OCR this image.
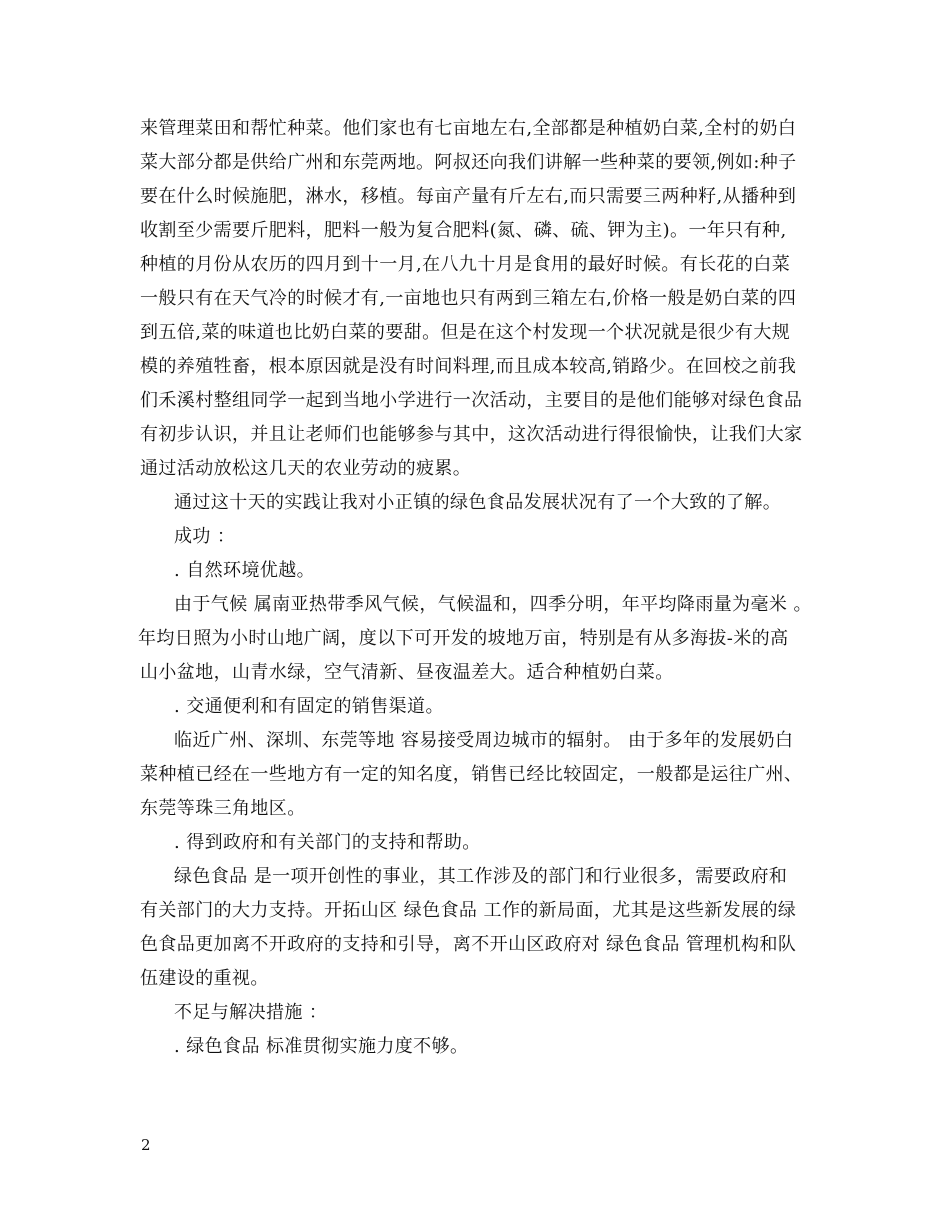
来管理菜田和帮忙种菜。他们家也有七亩地左右,全部都是种植奶白菜,全村的奶白
菜大部分都是供给广州和东莞两地。阿叔还向我们讲解一些种菜的要领,例如:种子
要在什么时候施肥，淋水，移植。每亩产量有斤左右,而只需要三两种籽,从播种到
收割至少需要斤肥料，肥料一般为复合肥料(氮、磷、硫、钾为主)。一年只有种,
种植的月份从农历的四月到十一月,在八九十月是食用的最好时候。有长花的白菜
一般只有在天气冷的时候才有,一亩地也只有两到三箱左右,价格一般是奶白菜的四
到五倍,菜的味道也比奶白菜的要甜。但是在这个村发现一个状况就是很少有大规
模的养殖牲畜，根本原因就是没有时间料理,而且成本较高,销路少。在回校之前我
们禾溪村整组同学一起到当地小学进行一次活动，主要目的是他们能够对绿色食品
有初步认识，并且让老师们也能够参与其中，这次活动进行得很愉快，让我们大家
通过活动放松这几天的农业劳动的疲累。
通过这十天的实践让我对小正镇的绿色食品发展状况有了一个大致的了解。
成功 ：
. 自然环境优越。
由于气候 属南亚热带季风气候，气候温和，四季分明，年平均降雨量为毫米 。
年均日照为小时山地广阔，度以下可开发的坡地万亩，特别是有从多海拔-米的高
山小盆地，山青水绿，空气清新、昼夜温差大。适合种植奶白菜。
. 交通便利和有固定的销售渠道。
临近广州、深圳、东莞等地 容易接受周边城市的辐射。 由于多年的发展奶白
菜种植已经在一些地方有一定的知名度，销售已经比较固定，一般都是运往广州、
东莞等珠三角地区。
. 得到政府和有关部门的支持和帮助。
绿色食品 是一项开创性的事业，其工作涉及的部门和行业很多，需要政府和
有关部门的大力支持。开拓山区 绿色食品 工作的新局面，尤其是这些新发展的绿
色食品更加离不开政府的支持和引导，离不开山区政府对 绿色食品 管理机构和队
伍建设的重视。
不足与解决措施 ：
. 绿色食品 标准贯彻实施力度不够。
2
